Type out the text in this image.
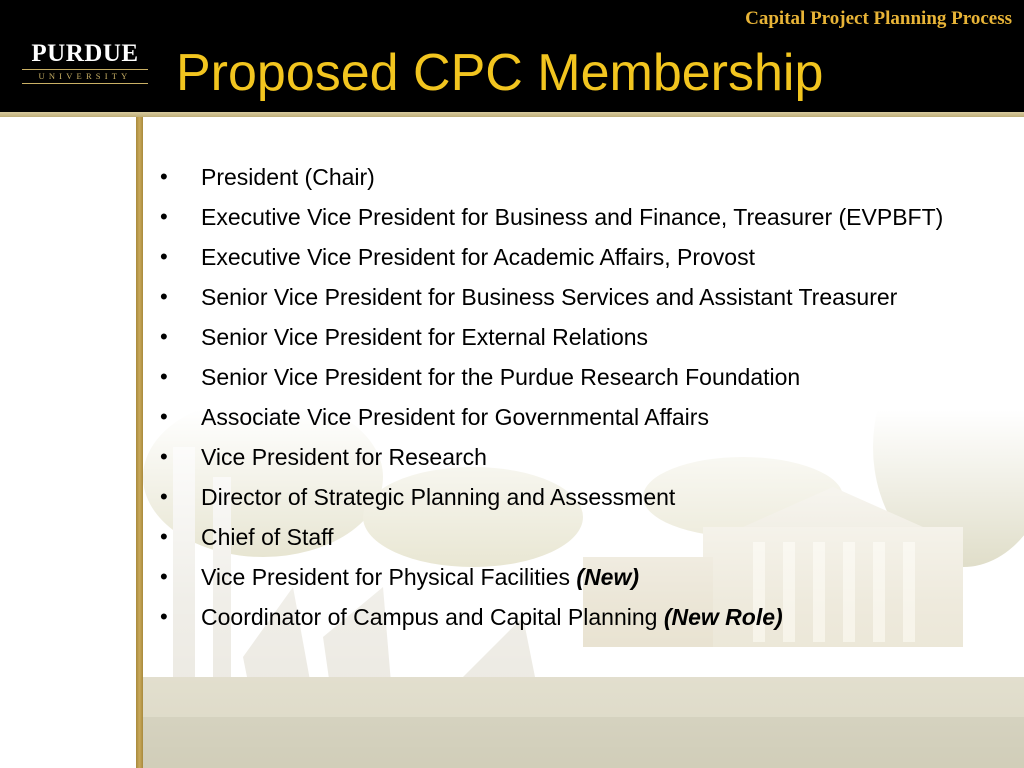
PURDUE
UNIVERSITY
Capital Project Planning Process
Proposed CPC Membership
• President (Chair)
• Executive Vice President for Business and Finance, Treasurer (EVPBFT)
• Executive Vice President for Academic Affairs, Provost
• Senior Vice President for Business Services and Assistant Treasurer
• Senior Vice President for External Relations
• Senior Vice President for the Purdue Research Foundation
• Associate Vice President for Governmental Affairs
• Vice President for Research
• Director of Strategic Planning and Assessment
• Chief of Staff
• Vice President for Physical Facilities (New)
• Coordinator of Campus and Capital Planning (New Role)
